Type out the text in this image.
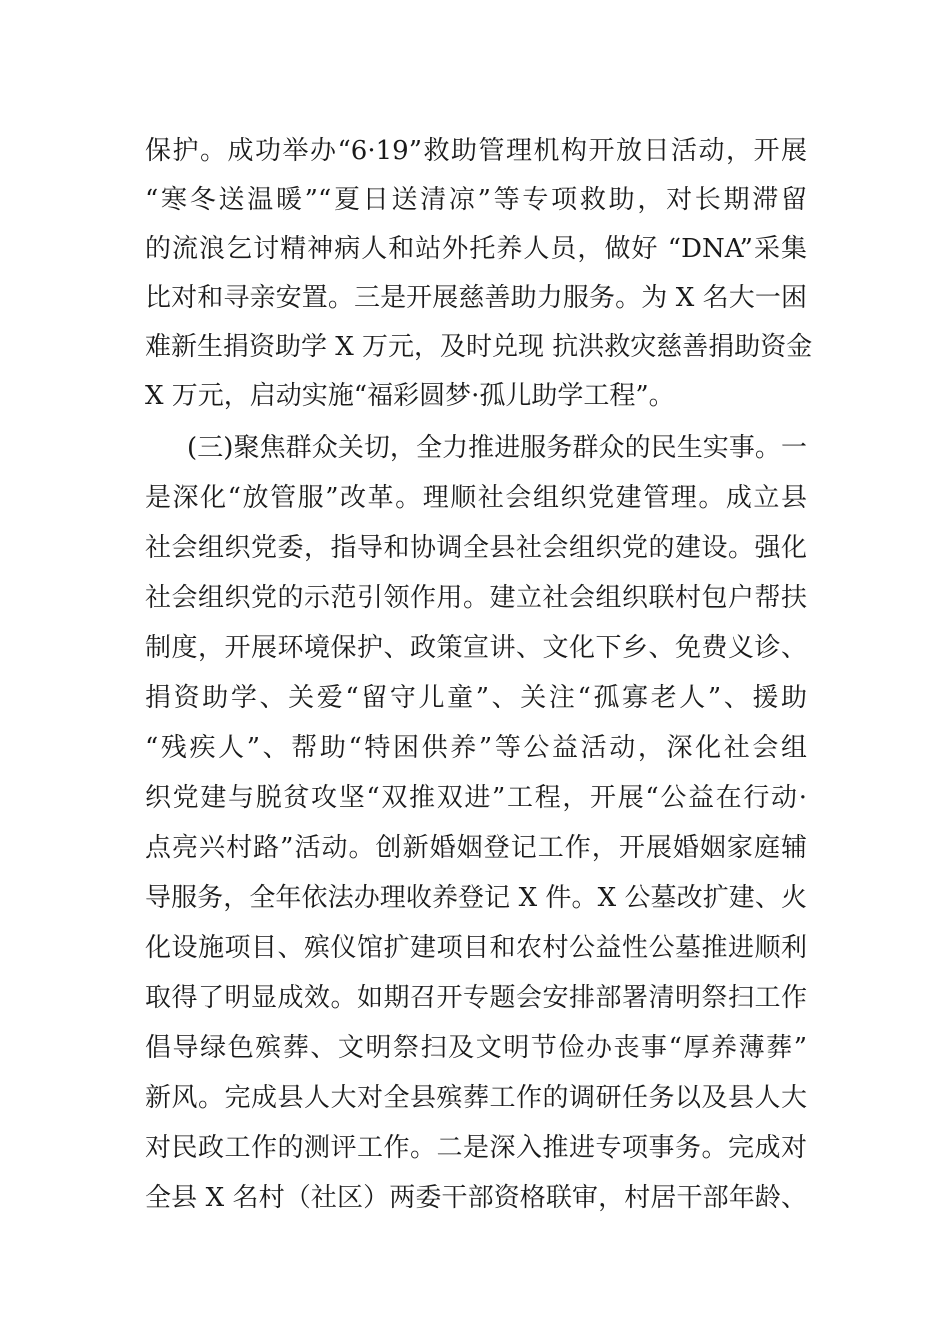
保护。成功举办“6·19”救助管理机构开放日活动，开展
“寒冬送温暖”“夏日送清凉”等专项救助，对长期滞留
的流浪乞讨精神病人和站外托养人员，做好 “DNA”采集
比对和寻亲安置。三是开展慈善助力服务。为 X 名大一困
难新生捐资助学 X 万元，及时兑现 抗洪救灾慈善捐助资金
X 万元，启动实施“福彩圆梦·孤儿助学工程”。
(三)聚焦群众关切，全力推进服务群众的民生实事。一
是深化“放管服”改革。理顺社会组织党建管理。成立县
社会组织党委，指导和协调全县社会组织党的建设。强化
社会组织党的示范引领作用。建立社会组织联村包户帮扶
制度，开展环境保护、政策宣讲、文化下乡、免费义诊、
捐资助学、关爱“留守儿童”、关注“孤寡老人”、援助
“残疾人”、帮助“特困供养”等公益活动，深化社会组
织党建与脱贫攻坚“双推双进”工程，开展“公益在行动·
点亮兴村路”活动。创新婚姻登记工作，开展婚姻家庭辅
导服务，全年依法办理收养登记 X 件。X 公墓改扩建、火
化设施项目、殡仪馆扩建项目和农村公益性公墓推进顺利
取得了明显成效。如期召开专题会安排部署清明祭扫工作
倡导绿色殡葬、文明祭扫及文明节俭办丧事“厚养薄葬”
新风。完成县人大对全县殡葬工作的调研任务以及县人大
对民政工作的测评工作。二是深入推进专项事务。完成对
全县 X 名村（社区）两委干部资格联审，村居干部年龄、
